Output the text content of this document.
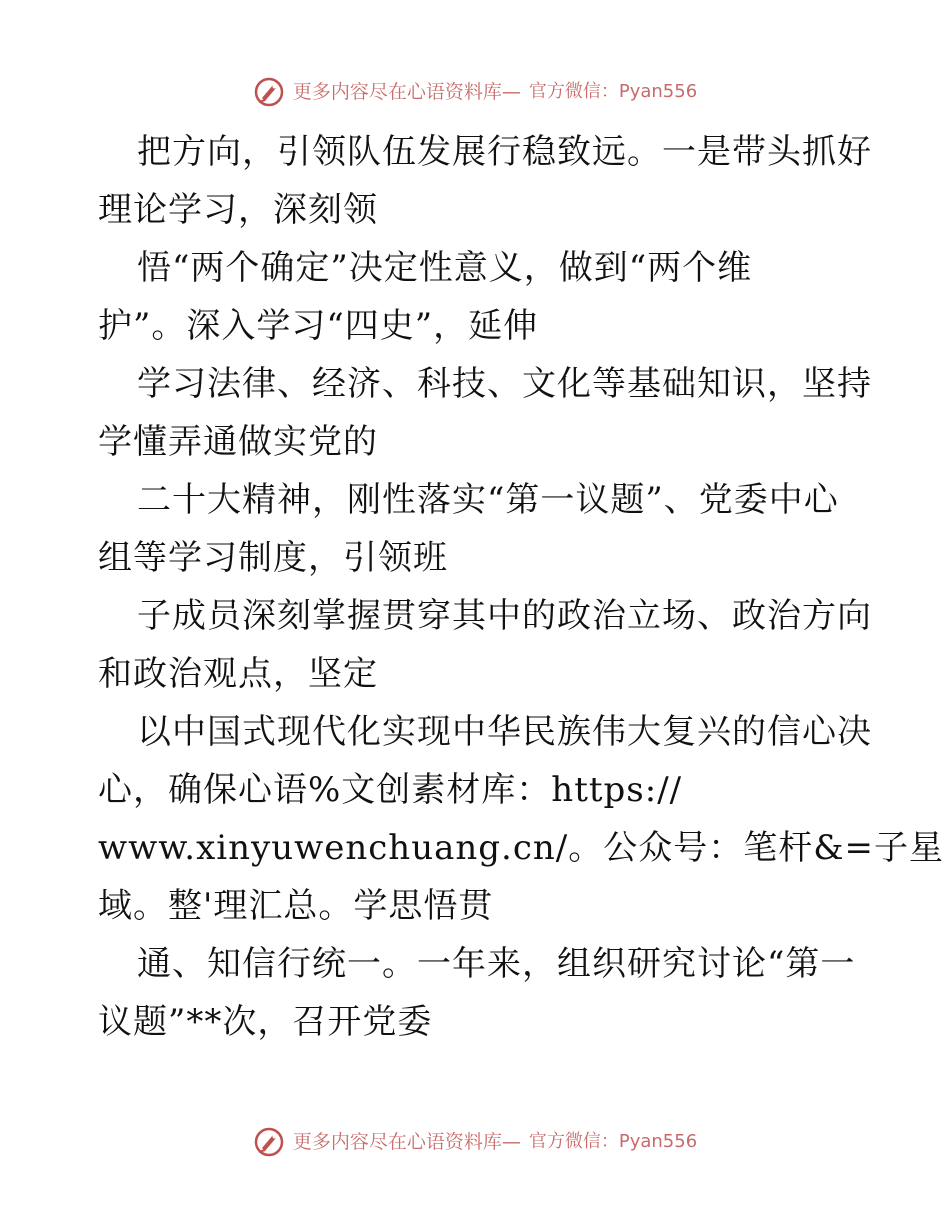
更多内容尽在心语资料库— 官方微信：Pyan556

把方向，引领队伍发展行稳致远。一是带头抓好
理论学习，深刻领

悟“两个确定”决定性意义，做到“两个维
护”。深入学习“四史”，延伸

学习法律、经济、科技、文化等基础知识，坚持
学懂弄通做实党的

二十大精神，刚性落实“第一议题”、党委中心
组等学习制度，引领班

子成员深刻掌握贯穿其中的政治立场、政治方向
和政治观点，坚定

以中国式现代化实现中华民族伟大复兴的信心决
心，确保心语%文创素材库：https://

www.xinyuwenchuang.cn/。公众号：笔杆&=子星

域。整'理汇总。学思悟贯

通、知信行统一。一年来，组织研究讨论“第一
议题”**次，召开党委

更多内容尽在心语资料库— 官方微信：Pyan556
